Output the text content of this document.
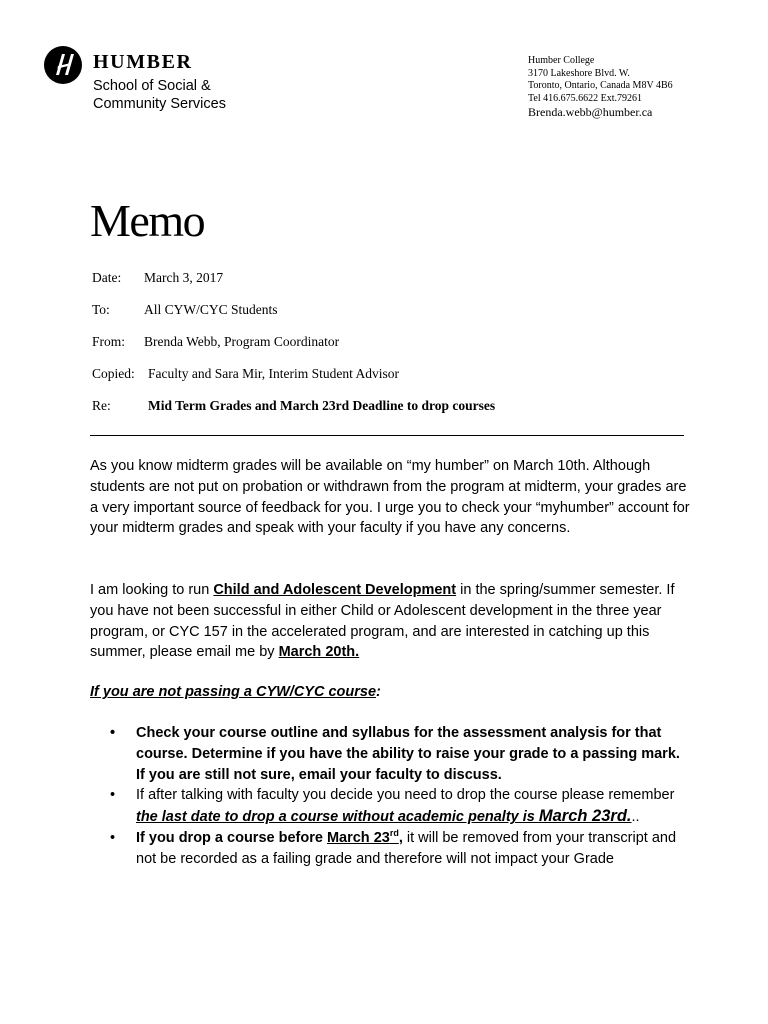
HUMBER
School of Social &
Community Services
Humber College
3170 Lakeshore Blvd. W.
Toronto, Ontario, Canada M8V 4B6
Tel 416.675.6622 Ext.79261
Brenda.webb@humber.ca
Memo
Date: March 3, 2017
To:	All CYW/CYC Students
From: Brenda Webb, Program Coordinator
Copied: Faculty and Sara Mir, Interim Student Advisor
Re:	Mid Term Grades and March 23rd Deadline to drop courses
As you know midterm grades will be available on “my humber” on March 10th. Although students are not put on probation or withdrawn from the program at midterm, your grades are a very important source of feedback for you. I urge you to check your “myhumber” account for your midterm grades and speak with your faculty if you have any concerns.
I am looking to run Child and Adolescent Development in the spring/summer semester. If you have not been successful in either Child or Adolescent development in the three year program, or CYC 157 in the accelerated program, and are interested in catching up this summer, please email me by March 20th.
If you are not passing a CYW/CYC course:
• Check your course outline and syllabus for the assessment analysis for that course. Determine if you have the ability to raise your grade to a passing mark. If you are still not sure, email your faculty to discuss.
• If after talking with faculty you decide you need to drop the course please remember the last date to drop a course without academic penalty is March 23rd...
• If you drop a course before March 23rd, it will be removed from your transcript and not be recorded as a failing grade and therefore will not impact your Grade
